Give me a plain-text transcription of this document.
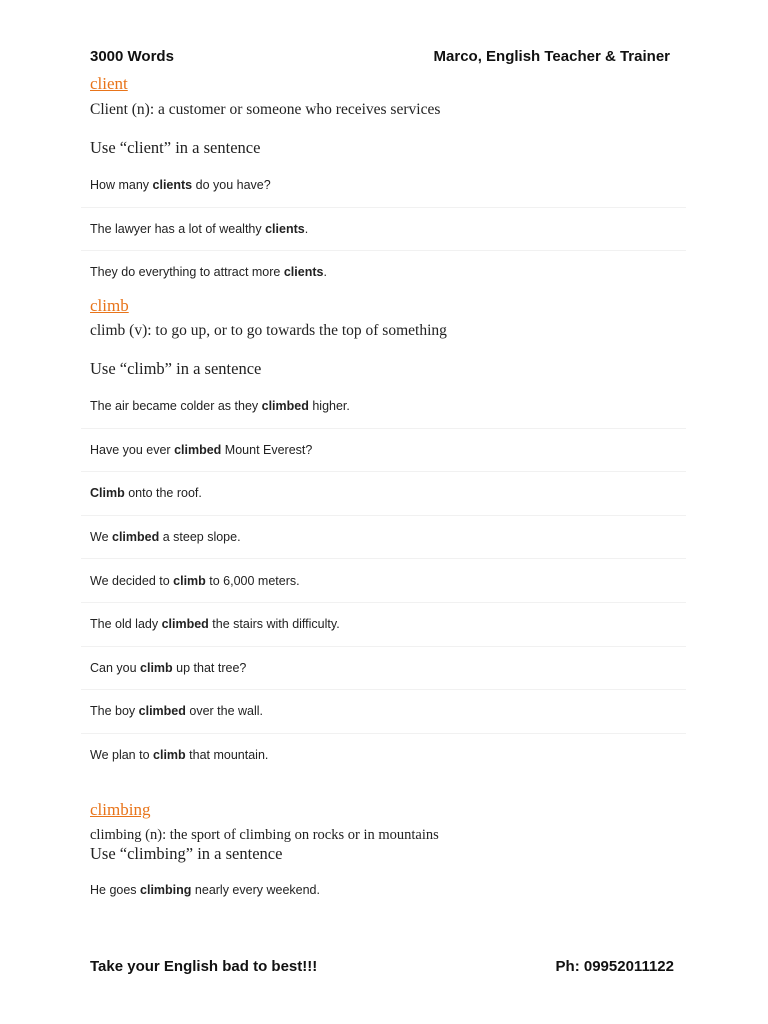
3000 Words	Marco, English Teacher & Trainer
client
Client (n): a customer or someone who receives services
Use “client” in a sentence
How many clients do you have?
The lawyer has a lot of wealthy clients.
They do everything to attract more clients.
climb
climb (v): to go up, or to go towards the top of something
Use “climb” in a sentence
The air became colder as they climbed higher.
Have you ever climbed Mount Everest?
Climb onto the roof.
We climbed a steep slope.
We decided to climb to 6,000 meters.
The old lady climbed the stairs with difficulty.
Can you climb up that tree?
The boy climbed over the wall.
We plan to climb that mountain.
climbing
climbing (n): the sport of climbing on rocks or in mountains
Use “climbing” in a sentence
He goes climbing nearly every weekend.
Take your English bad to best!!!	Ph: 09952011122
